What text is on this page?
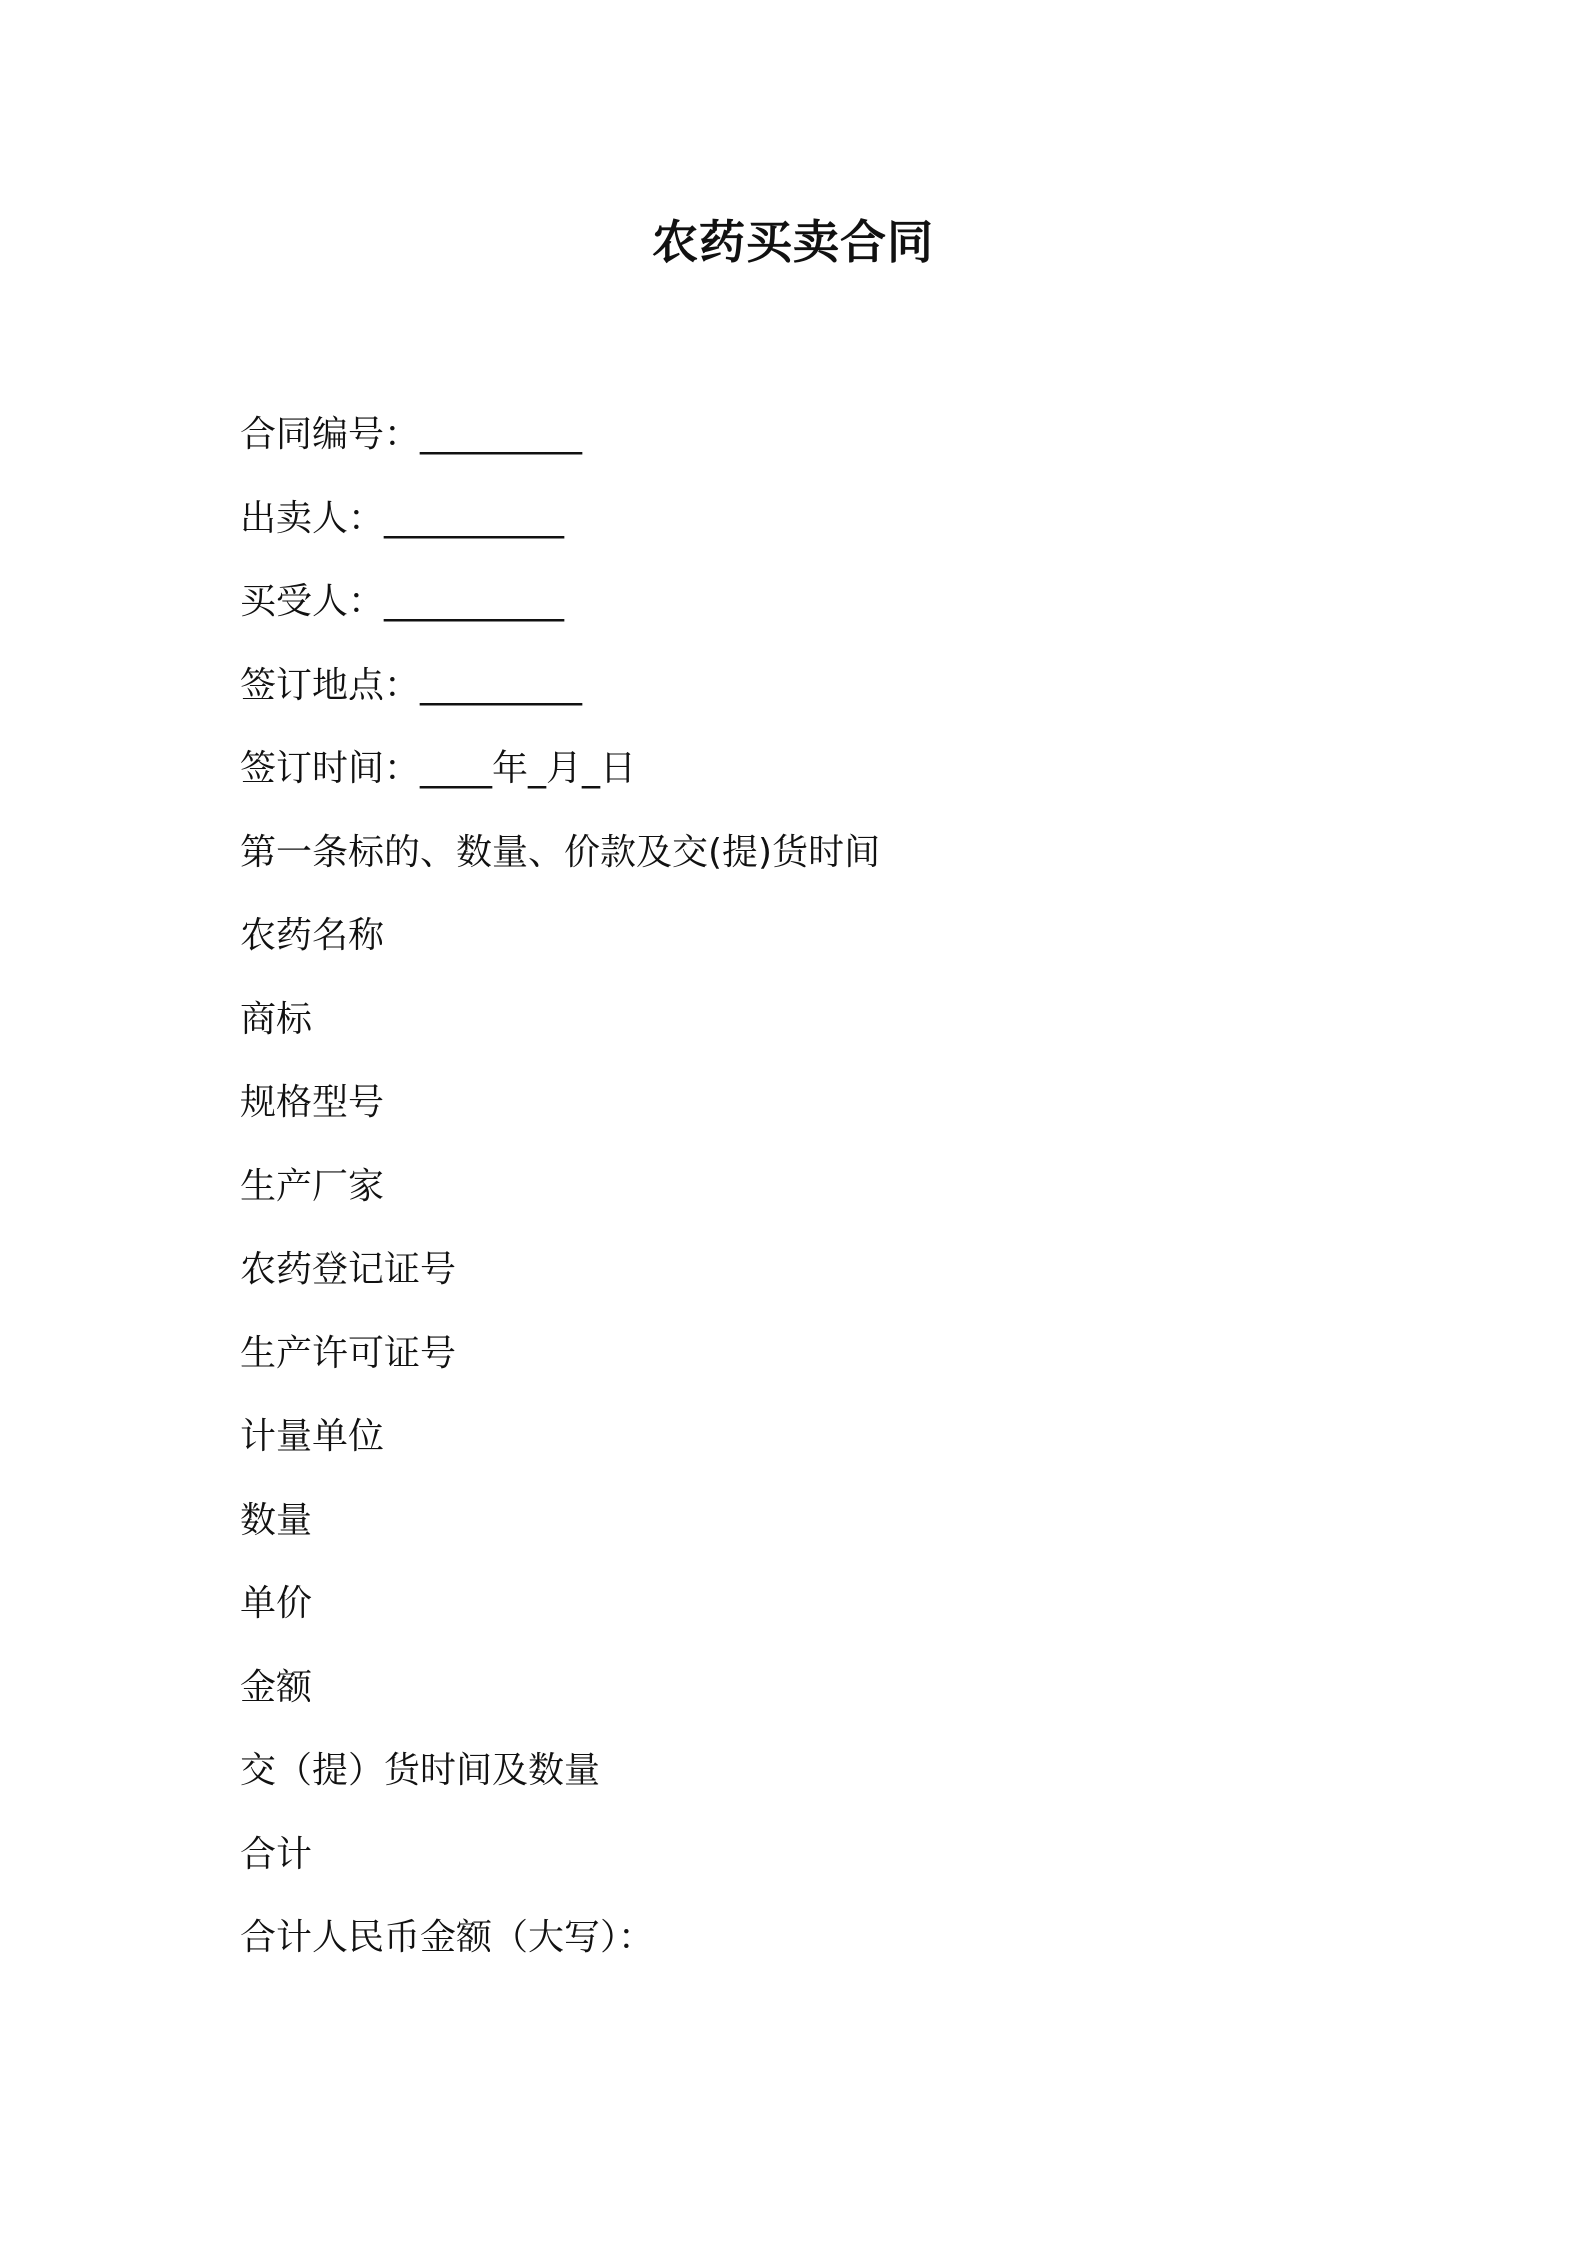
农药买卖合同
合同编号：_________
出卖人：__________
买受人：__________
签订地点：_________
签订时间：____年_月_日
第一条标的、数量、价款及交(提)货时间
农药名称
商标
规格型号
生产厂家
农药登记证号
生产许可证号
计量单位
数量
单价
金额
交（提）货时间及数量
合计
合计人民币金额（大写）：
